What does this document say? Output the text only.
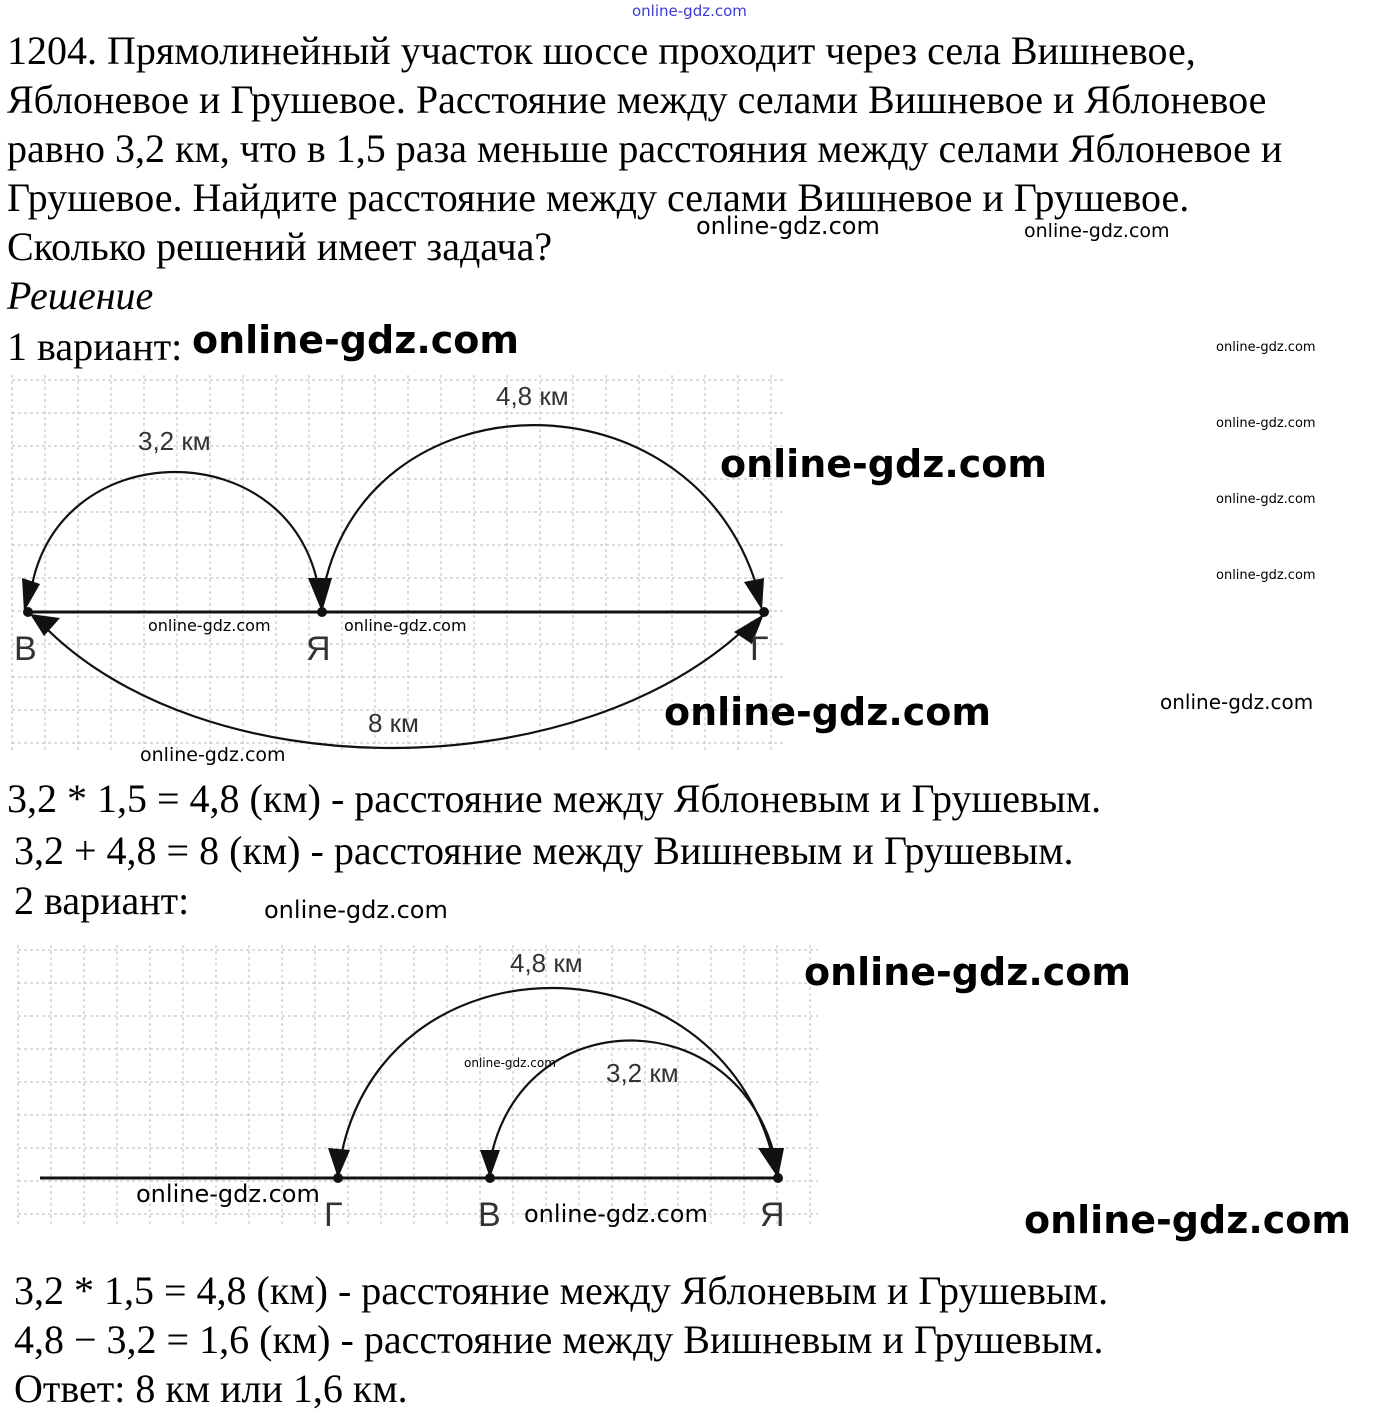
online-gdz.com
1204. Прямолинейный участок шоссе проходит через села Вишневое,
Яблоневое и Грушевое. Расстояние между селами Вишневое и Яблоневое
равно 3,2 км, что в 1,5 раза меньше расстояния между селами Яблоневое и
Грушевое. Найдите расстояние между селами Вишневое и Грушевое.
Сколько решений имеет задача?
Решение
1 вариант:
3,2 км
4,8 км
8 км
В	Я	Г
3,2 * 1,5 = 4,8 (км) - расстояние между Яблоневым и Грушевым.
3,2 + 4,8 = 8 (км) - расстояние между Вишневым и Грушевым.
2 вариант:
4,8 км
3,2 км
Г	В	Я
3,2 * 1,5 = 4,8 (км) - расстояние между Яблоневым и Грушевым.
4,8 − 3,2 = 1,6 (км) - расстояние между Вишневым и Грушевым.
Ответ: 8 км или 1,6 км.
online-gdz.com	online-gdz.com
online-gdz.com	online-gdz.com
online-gdz.com
online-gdz.com
online-gdz.com
online-gdz.com
online-gdz.com	online-gdz.com
online-gdz.com
online-gdz.com
online-gdz.com
online-gdz.com
online-gdz.com
online-gdz.com
online-gdz.com
online-gdz.com	online-gdz.com
